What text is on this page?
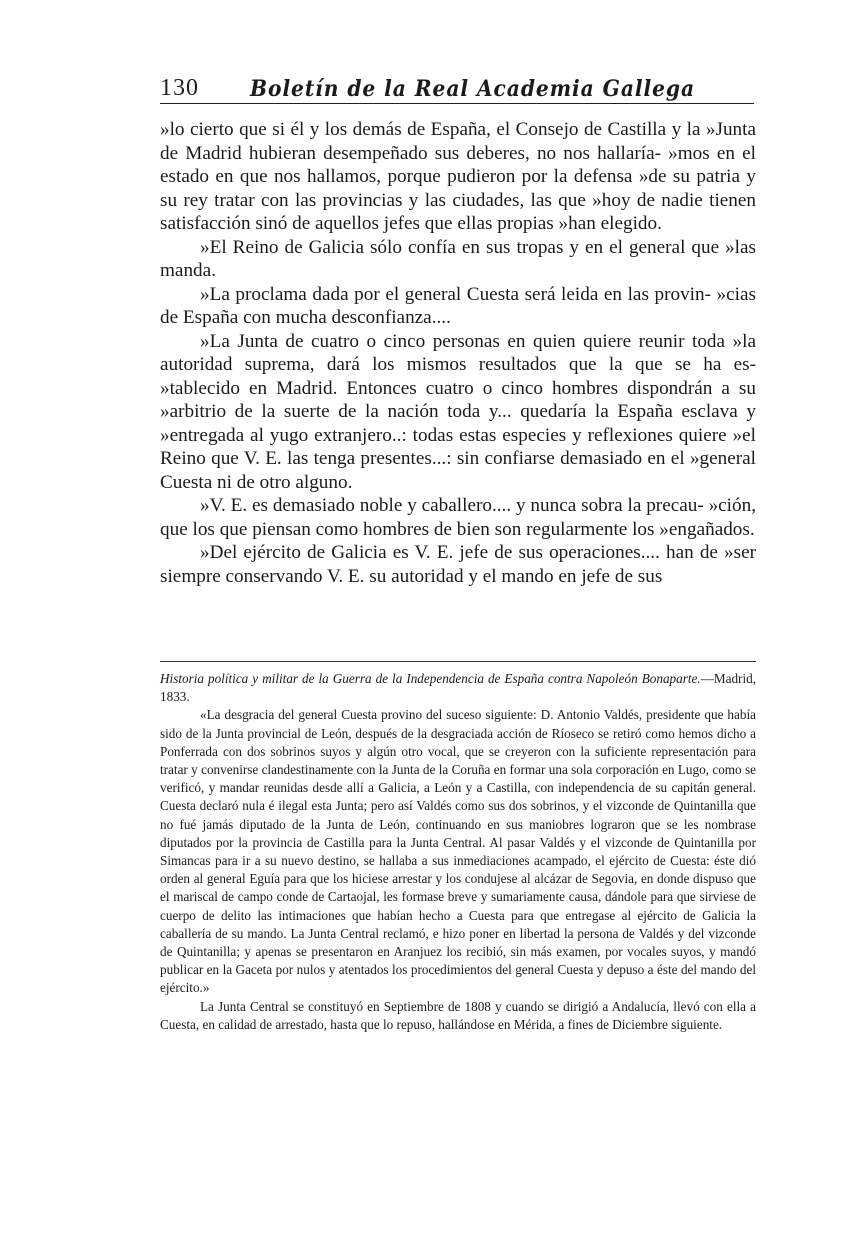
130	Boletín de la Real Academia Gallega

»lo cierto que si él y los demás de España, el Consejo de Castilla y la »Junta de Madrid hubieran desempeñado sus deberes, no nos hallaría- »mos en el estado en que nos hallamos, porque pudieron por la defensa »de su patria y su rey tratar con las provincias y las ciudades, las que »hoy de nadie tienen satisfacción sinó de aquellos jefes que ellas propias »han elegido.

»El Reino de Galicia sólo confía en sus tropas y en el general que »las manda.

»La proclama dada por el general Cuesta será leida en las provin- »cias de España con mucha desconfianza....

»La Junta de cuatro o cinco personas en quien quiere reunir toda »la autoridad suprema, dará los mismos resultados que la que se ha es- »tablecido en Madrid. Entonces cuatro o cinco hombres dispondrán a su »arbitrio de la suerte de la nación toda y... quedaría la España esclava y »entregada al yugo extranjero..: todas estas especies y reflexiones quiere »el Reino que V. E. las tenga presentes...: sin confiarse demasiado en el »general Cuesta ni de otro alguno.

»V. E. es demasiado noble y caballero.... y nunca sobra la precau- »ción, que los que piensan como hombres de bien son regularmente los »engañados.

»Del ejército de Galicia es V. E. jefe de sus operaciones.... han de »ser siempre conservando V. E. su autoridad y el mando en jefe de sus

Historia política y militar de la Guerra de la Independencia de España contra Napoleón Bonaparte.—Madrid, 1833.

«La desgracia del general Cuesta provino del suceso siguiente: D. Antonio Valdés, presidente que había sido de la Junta provincial de León, después de la desgraciada acción de Ríoseco se retiró como hemos dicho a Ponferrada con dos sobrinos suyos y algún otro vocal, que se creyeron con la suficiente representación para tratar y convenirse clandestinamente con la Junta de la Coruña en formar una sola corporación en Lugo, como se verificó, y mandar reunidas desde allí a Galicia, a León y a Castilla, con independencia de su capitán general. Cuesta declaró nula é ilegal esta Junta; pero así Valdés como sus dos sobrinos, y el vizconde de Quintanilla que no fué jamás diputado de la Junta de León, continuando en sus maniobres lograron que se les nombrase diputados por la provincia de Castilla para la Junta Central. Al pasar Valdés y el vizconde de Quintanilla por Simancas para ir a su nuevo destino, se hallaba a sus inmediaciones acampado, el ejército de Cuesta: éste dió orden al general Eguía para que los hiciese arrestar y los condujese al alcázar de Segovia, en donde dispuso que el mariscal de campo conde de Cartaojal, les formase breve y sumariamente causa, dándole para que sirviese de cuerpo de delito las intimaciones que habían hecho a Cuesta para que entregase al ejército de Galicia la caballería de su mando. La Junta Central reclamó, e hizo poner en libertad la persona de Valdés y del vizconde de Quintanilla; y apenas se presentaron en Aranjuez los recibió, sin más examen, por vocales suyos, y mandó publicar en la Gaceta por nulos y atentados los procedimientos del general Cuesta y depuso a éste del mando del ejército.»

La Junta Central se constituyó en Septiembre de 1808 y cuando se dirigió a Andalucía, llevó con ella a Cuesta, en calidad de arrestado, hasta que lo repuso, hallándose en Mérida, a fines de Diciembre siguiente.
